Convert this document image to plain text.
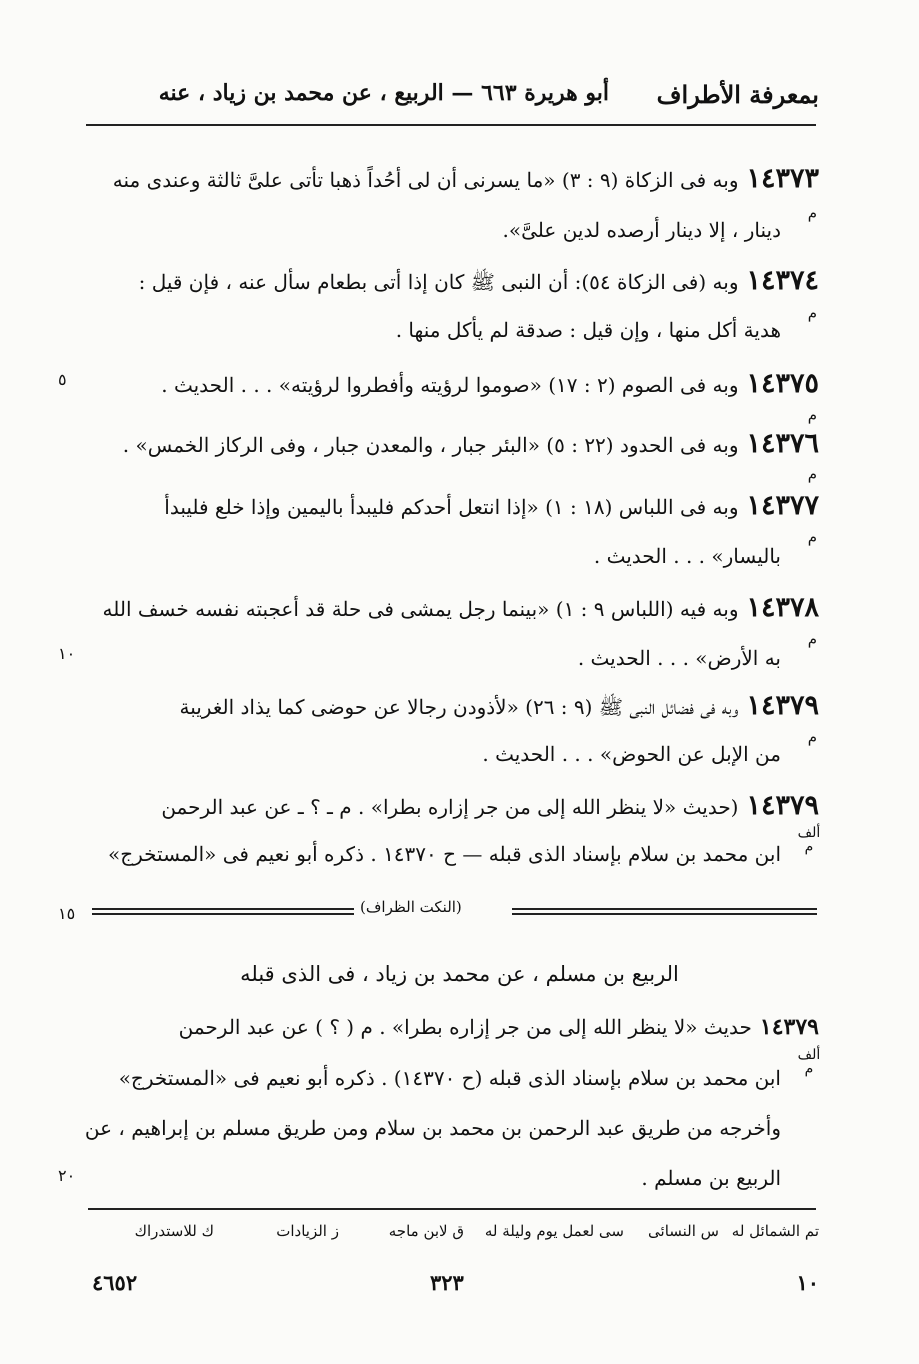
بمعرفة الأطراف
أبو هريرة ٦٦٣ — الربيع ، عن محمد بن زياد ، عنه
١٤٣٧٣وبه فى الزكاة (٩ : ٣) «ما يسرنى أن لى أحُداً ذهبا تأتى علىَّ ثالثة وعندى منه
م
دينار ، إلا دينار أرصده لدين علىَّ».
١٤٣٧٤وبه (فى الزكاة ٥٤): أن النبى ﷺ كان إذا أتى بطعام سأل عنه ، فإن قيل :
م
هدية أكل منها ، وإن قيل : صدقة لم يأكل منها .
١٤٣٧٥وبه فى الصوم (٢ : ١٧) «صوموا لرؤيته وأفطروا لرؤيته» . . . الحديث .
٥
م
١٤٣٧٦وبه فى الحدود (٢٢ : ٥) «البئر جبار ، والمعدن جبار ، وفى الركاز الخمس» .
م
١٤٣٧٧وبه فى اللباس (١٨ : ١) «إذا انتعل أحدكم فليبدأ باليمين وإذا خلع فليبدأ
م
باليسار» . . . الحديث .
١٤٣٧٨وبه فيه (اللباس ٩ : ١) «بينما رجل يمشى فى حلة قد أعجبته نفسه خسف الله
م
١٠	به الأرض» . . . الحديث .
١٤٣٧٩وبه فى فضائل النبى ﷺ (٩ : ٢٦) «لأذودن رجالا عن حوضى كما يذاد الغريبة
م
من الإبل عن الحوض» . . . الحديث .
١٤٣٧٩(حديث «لا ينظر الله إلى من جر إزاره بطرا» . م ـ ؟ ـ عن عبد الرحمن
ألف
م
ابن محمد بن سلام بإسناد الذى قبله — ح ١٤٣٧٠ . ذكره أبو نعيم فى «المستخرج»
١٥	(النكت الظراف)
الربيع بن مسلم ، عن محمد بن زياد ، فى الذى قبله
١٤٣٧٩حديث «لا ينظر الله إلى من جر إزاره بطرا» . م ( ؟ ) عن عبد الرحمن
ألف
م
ابن محمد بن سلام بإسناد الذى قبله (ح ١٤٣٧٠) . ذكره أبو نعيم فى «المستخرج»
وأخرجه من طريق عبد الرحمن بن محمد بن سلام ومن طريق مسلم بن إبراهيم ، عن
٢٠	الربيع بن مسلم .
تم الشمائل له
س النسائى
سى لعمل يوم وليلة له
ق لابن ماجه
ز الزيادات
ك للاستدراك
٤٦٥٢	٣٢٣	١٠
